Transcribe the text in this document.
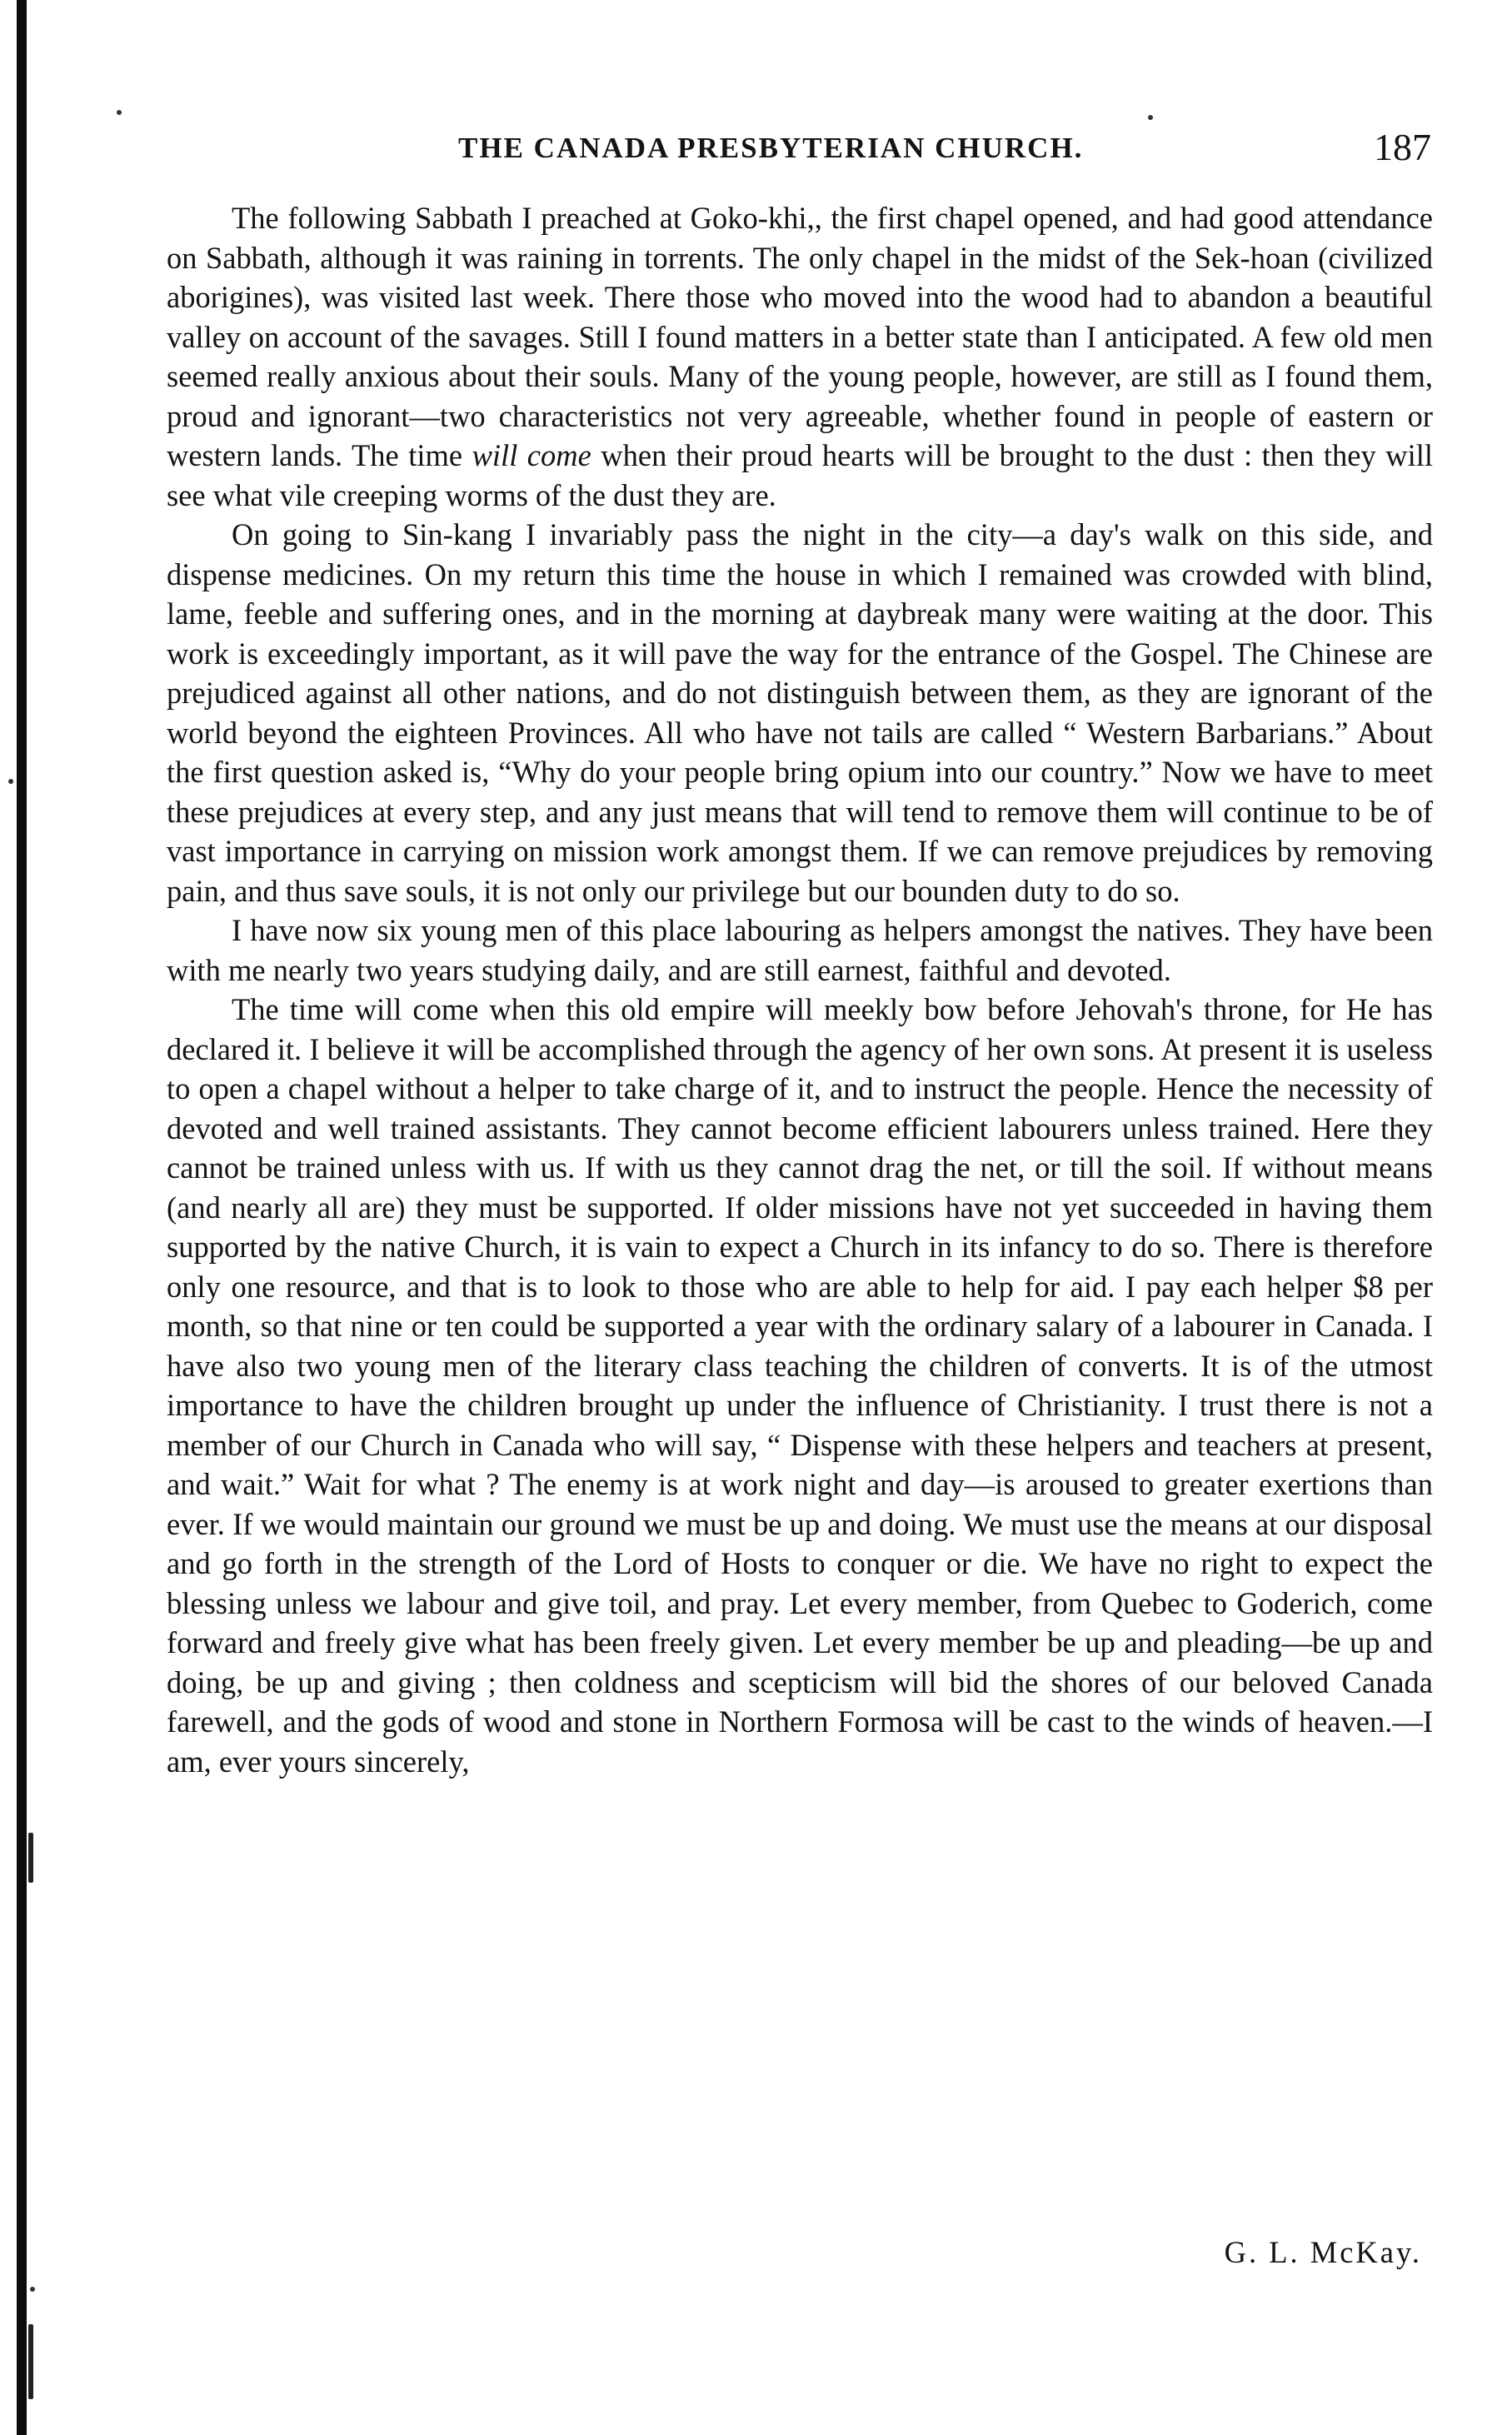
THE CANADA PRESBYTERIAN CHURCH.	187

The following Sabbath I preached at Goko-khi,, the first chapel opened, and had good attendance on Sabbath, although it was raining in torrents. The only chapel in the midst of the Sek-hoan (civilized aborigines), was visited last week. There those who moved into the wood had to abandon a beautiful valley on account of the savages. Still I found matters in a better state than I anticipated. A few old men seemed really anxious about their souls. Many of the young people, however, are still as I found them, proud and ignorant—two characteristics not very agreeable, whether found in people of eastern or western lands. The time will come when their proud hearts will be brought to the dust : then they will see what vile creeping worms of the dust they are.

On going to Sin-kang I invariably pass the night in the city—a day's walk on this side, and dispense medicines. On my return this time the house in which I remained was crowded with blind, lame, feeble and suffering ones, and in the morning at daybreak many were waiting at the door. This work is exceedingly important, as it will pave the way for the entrance of the Gospel. The Chinese are prejudiced against all other nations, and do not distinguish between them, as they are ignorant of the world beyond the eighteen Provinces. All who have not tails are called “ Western Barbarians.” About the first question asked is, “Why do your people bring opium into our country.” Now we have to meet these prejudices at every step, and any just means that will tend to remove them will continue to be of vast importance in carrying on mission work amongst them. If we can remove prejudices by removing pain, and thus save souls, it is not only our privilege but our bounden duty to do so.

I have now six young men of this place labouring as helpers amongst the natives. They have been with me nearly two years studying daily, and are still earnest, faithful and devoted.

The time will come when this old empire will meekly bow before Jehovah's throne, for He has declared it. I believe it will be accomplished through the agency of her own sons. At present it is useless to open a chapel without a helper to take charge of it, and to instruct the people. Hence the necessity of devoted and well trained assistants. They cannot become efficient labourers unless trained. Here they cannot be trained unless with us. If with us they cannot drag the net, or till the soil. If without means (and nearly all are) they must be supported. If older missions have not yet succeeded in having them supported by the native Church, it is vain to expect a Church in its infancy to do so. There is therefore only one resource, and that is to look to those who are able to help for aid. I pay each helper $8 per month, so that nine or ten could be supported a year with the ordinary salary of a labourer in Canada. I have also two young men of the literary class teaching the children of converts. It is of the utmost importance to have the children brought up under the influence of Christianity. I trust there is not a member of our Church in Canada who will say, “ Dispense with these helpers and teachers at present, and wait.” Wait for what ? The enemy is at work night and day—is aroused to greater exertions than ever. If we would maintain our ground we must be up and doing. We must use the means at our disposal and go forth in the strength of the Lord of Hosts to conquer or die. We have no right to expect the blessing unless we labour and give toil, and pray. Let every member, from Quebec to Goderich, come forward and freely give what has been freely given. Let every member be up and pleading—be up and doing, be up and giving ; then coldness and scepticism will bid the shores of our beloved Canada farewell, and the gods of wood and stone in Northern Formosa will be cast to the winds of heaven.—I am, ever yours sincerely,

G. L. McKay.
